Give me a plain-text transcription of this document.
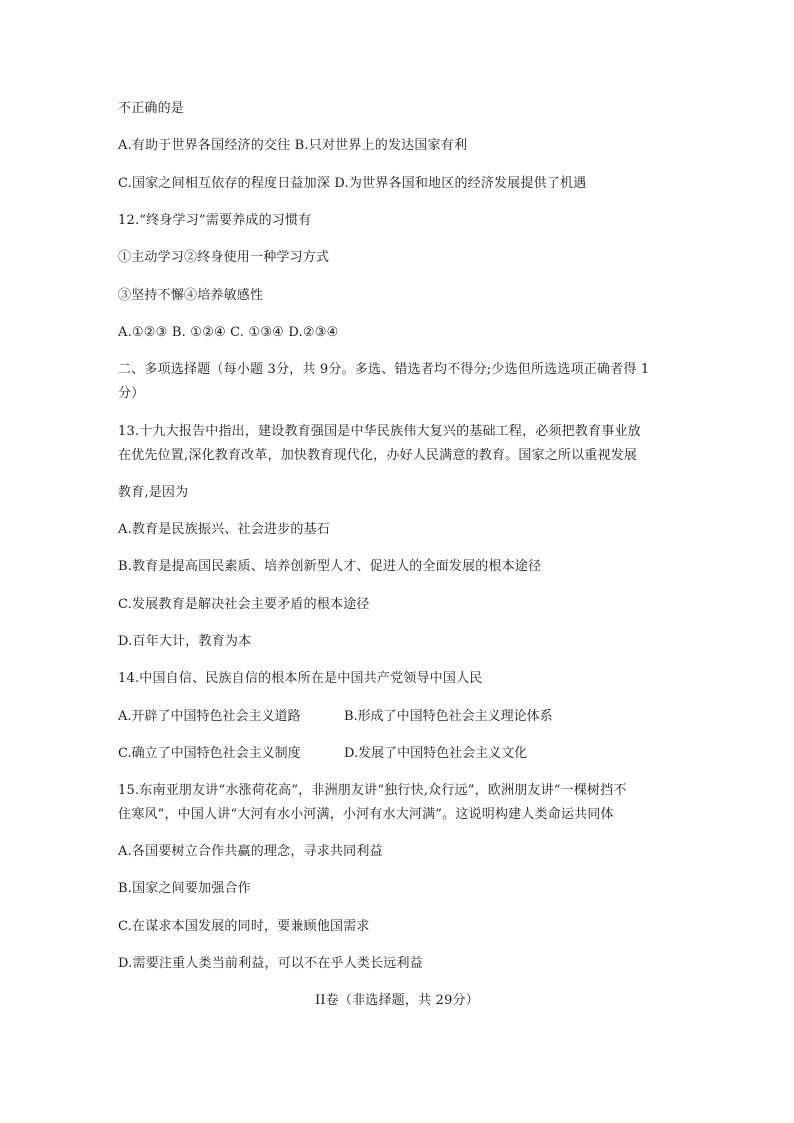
不正确的是
A.有助于世界各国经济的交往 B.只对世界上的发达国家有利
C.国家之间相互依存的程度日益加深 D.为世界各国和地区的经济发展提供了机遇
12.“终身学习”需要养成的习惯有
①主动学习②终身使用一种学习方式
③坚持不懈④培养敏感性
A.①②③ B. ①②④ C. ①③④ D.②③④
二、多项选择题（每小题 3分，共 9分。多选、错选者均不得分;少选但所选选项正确者得 1
分）
13.十九大报告中指出，建设教育强国是中华民族伟大复兴的基础工程，必须把教育事业放
在优先位置,深化教育改革，加快教育现代化，办好人民满意的教育。国家之所以重视发展
教育,是因为
A.教育是民族振兴、社会进步的基石
B.教育是提高国民素质、培养创新型人才、促进人的全面发展的根本途径
C.发展教育是解决社会主要矛盾的根本途径
D.百年大计，教育为本
14.中国自信、民族自信的根本所在是中国共产党领导中国人民
A.开辟了中国特色社会主义道路	B.形成了中国特色社会主义理论体系
C.确立了中国特色社会主义制度	D.发展了中国特色社会主义文化
15.东南亚朋友讲“水涨荷花高”，非洲朋友讲“独行快,众行远”，欧洲朋友讲“一棵树挡不
住寒风”，中国人讲“大河有水小河满，小河有水大河满”。这说明构建人类命运共同体
A.各国要树立合作共赢的理念，寻求共同利益
B.国家之间要加强合作
C.在谋求本国发展的同时，要兼顾他国需求
D.需要注重人类当前利益，可以不在乎人类长远利益
II卷（非选择题，共 29分）
